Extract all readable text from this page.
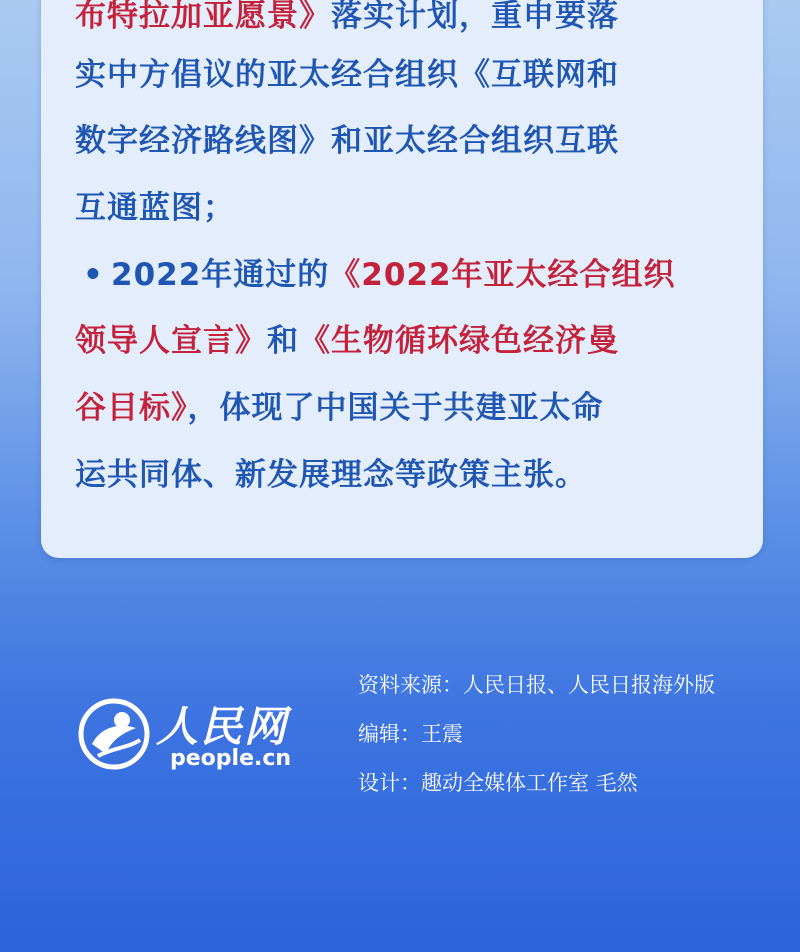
布特拉加亚愿景》落实计划，重申要落
实中方倡议的亚太经合组织《互联网和
数字经济路线图》和亚太经合组织互联
互通蓝图；
• 2022年通过的《2022年亚太经合组织
领导人宣言》和《生物循环绿色经济曼
谷目标》，体现了中国关于共建亚太命
运共同体、新发展理念等政策主张。
人民网
people.cn
资料来源：人民日报、人民日报海外版
编辑：王震
设计：趣动全媒体工作室 毛然
